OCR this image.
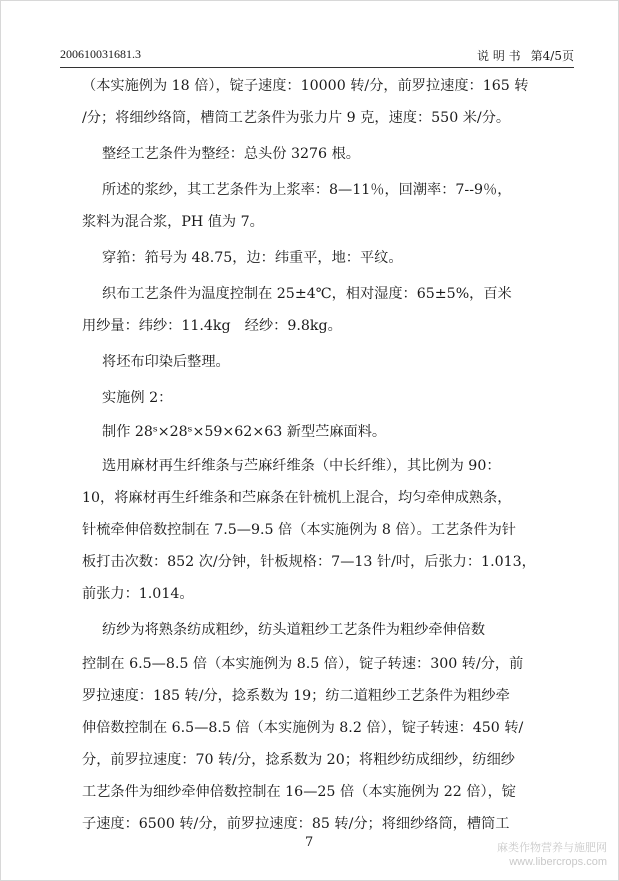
200610031681.3	说 明 书 第4/5页
（本实施例为 18 倍），锭子速度：10000 转/分，前罗拉速度：165 转
/分；将细纱络筒，槽筒工艺条件为张力片 9 克，速度：550 米/分。
整经工艺条件为整经：总头份 3276 根。
所述的浆纱，其工艺条件为上浆率：8—11％，回潮率：7--9％，
浆料为混合浆，PH 值为 7。
穿筘：筘号为 48.75，边：纬重平，地：平纹。
织布工艺条件为温度控制在 25±4℃，相对湿度：65±5%，百米
用纱量：纬纱：11.4kg　经纱：9.8kg。
将坯布印染后整理。
实施例 2：
制作 28ˢ×28ˢ×59×62×63 新型苎麻面料。
选用麻材再生纤维条与苎麻纤维条（中长纤维），其比例为 90：
10，将麻材再生纤维条和苎麻条在针梳机上混合，均匀牵伸成熟条，
针梳牵伸倍数控制在 7.5—9.5 倍（本实施例为 8 倍）。工艺条件为针
板打击次数：852 次/分钟，针板规格：7—13 针/吋，后张力：1.013，
前张力：1.014。
纺纱为将熟条纺成粗纱，纺头道粗纱工艺条件为粗纱牵伸倍数
控制在 6.5—8.5 倍（本实施例为 8.5 倍），锭子转速：300 转/分，前
罗拉速度：185 转/分，捻系数为 19；纺二道粗纱工艺条件为粗纱牵
伸倍数控制在 6.5—8.5 倍（本实施例为 8.2 倍），锭子转速：450 转/
分，前罗拉速度：70 转/分，捻系数为 20；将粗纱纺成细纱，纺细纱
工艺条件为细纱牵伸倍数控制在 16—25 倍（本实施例为 22 倍），锭
子速度：6500 转/分，前罗拉速度：85 转/分；将细纱络筒，槽筒工
7	麻类作物营养与施肥网
www.libercrops.com
